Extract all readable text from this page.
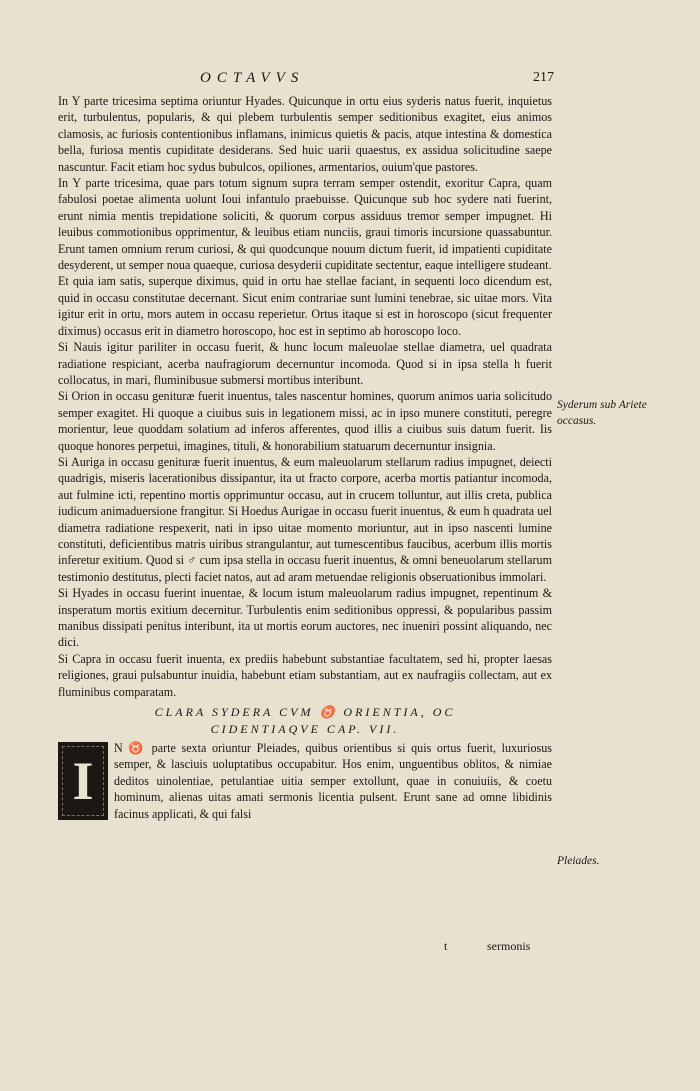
OCTAVVS	217

In Y parte tricesima septima oriuntur Hyades. Quicunque in ortu eius syderis natus fuerit, inquietus erit, turbulentus, popularis, & qui plebem turbulentis semper seditionibus exagitet, eius animos clamosis, ac furiosis contentionibus inflamans, inimicus quietis & pacis, atque intestina & domestica bella, furiosa mentis cupiditate desiderans. Sed huic uarii quaestus, ex assidua solicitudine saepe nascuntur. Facit etiam hoc sydus bubulcos, opiliones, armentarios, ouium'que pastores.

In Y parte tricesima, quae pars totum signum supra terram semper ostendit, exoritur Capra, quam fabulosi poetae alimenta uolunt Ioui infantulo praebuisse. Quicunque sub hoc sydere nati fuerint, erunt nimia mentis trepidatione soliciti, & quorum corpus assiduus tremor semper impugnet. Hi leuibus commotionibus opprimentur, & leuibus etiam nunciis, graui timoris incursione quassabuntur. Erunt tamen omnium rerum curiosi, & qui quodcunque nouum dictum fuerit, id impatienti cupiditate desyderent, ut semper noua quaeque, curiosa desyderii cupiditate sectentur, eaque intelligere studeant.

Et quia iam satis, superque diximus, quid in ortu hae stellae faciant, in sequenti loco dicendum est, quid in occasu constitutae decernant. Sicut enim contrariae sunt lumini tenebrae, sic uitae mors. Vita igitur erit in ortu, mors autem in occasu reperietur. Ortus itaque si est in horoscopo (sicut frequenter diximus) occasus erit in diametro horoscopo, hoc est in septimo ab horoscopo loco.

Si Nauis igitur pariliter in occasu fuerit, & hunc locum maleuolae stellae diametra, uel quadrata radiatione respiciant, acerba naufragiorum decernuntur incomoda. Quod si in ipsa stella h fuerit collocatus, in mari, fluminibusue submersi mortibus interibunt.

Si Orion in occasu genituræ fuerit inuentus, tales nascentur homines, quorum animos uaria solicitudo semper exagitet. Hi quoque a ciuibus suis in legationem missi, ac in ipso munere constituti, peregre morientur, leue quoddam solatium ad inferos afferentes, quod illis a ciuibus suis datum fuerit. Iis quoque honores perpetui, imagines, tituli, & honorabilium statuarum decernuntur insignia.

Si Auriga in occasu genituræ fuerit inuentus, & eum maleuolarum stellarum radius impugnet, deiecti quadrigis, miseris lacerationibus dissipantur, ita ut fracto corpore, acerba mortis patiantur incomoda, aut fulmine icti, repentino mortis opprimuntur occasu, aut in crucem tolluntur, aut illis creta, publica iudicum animaduersione frangitur. Si Hoedus Aurigae in occasu fuerit inuentus, & eum h quadrata uel diametra radiatione respexerit, nati in ipso uitae momento moriuntur, aut in ipso nascenti lumine constituti, deficientibus matris uiribus strangulantur, aut tumescentibus faucibus, acerbum illis mortis inferetur exitium. Quod si ♂ cum ipsa stella in occasu fuerit inuentus, & omni beneuolarum stellarum testimonio destitutus, plecti faciet natos, aut ad aram metuendae religionis obseruationibus immolari.

Si Hyades in occasu fuerint inuentae, & locum istum maleuolarum radius impugnet, repentinum & insperatum mortis exitium decernitur. Turbulentis enim seditionibus oppressi, & popularibus passim manibus dissipati penitus interibunt, ita ut mortis eorum auctores, nec inueniri possint aliquando, nec dici.

Si Capra in occasu fuerit inuenta, ex prediis habebunt substantiae facultatem, sed hi, propter laesas religiones, graui pulsabuntur inuidia, habebunt etiam substantiam, aut ex naufragiis collectam, aut ex fluminibus comparatam.

CLARA SYDERA CVM ♉ ORIENTIA, OC
CIDENTIAQVE CAP. VII.
I

N ♉ parte sexta oriuntur Pleiades, quibus orientibus si quis ortus fuerit, luxuriosus semper, & lasciuis uoluptatibus occupabitur. Hos enim, unguentibus oblitos, & nimiae deditos uinolentiae, petulantiae uitia semper extollunt, quae in conuiuiis, & coetu hominum, alienas uitas amati sermonis licentia pulsent. Erunt sane ad omne libidinis facinus applicati, & qui falsi

Syderum sub Ariete occasus.
Pleiades.
t	sermonis
